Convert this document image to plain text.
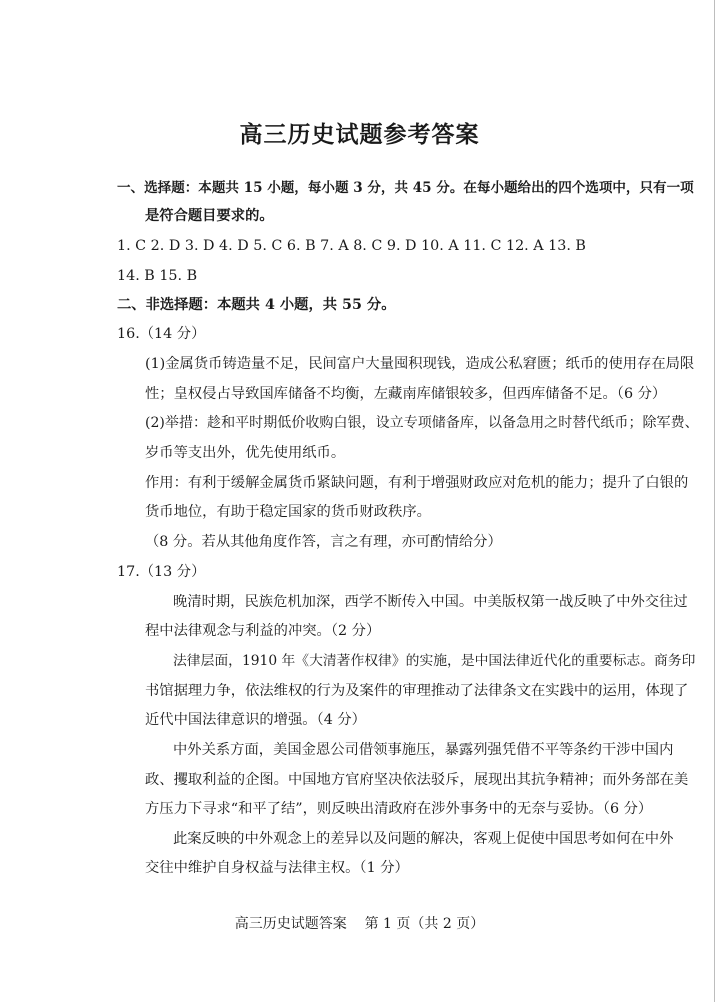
高三历史试题参考答案
一、选择题：本题共 15 小题，每小题 3 分，共 45 分。在每小题给出的四个选项中，只有一项
是符合题目要求的。
1. C 2. D 3. D 4. D 5. C 6. B 7. A 8. C 9. D 10. A 11. C 12. A 13. B
14. B 15. B
二、非选择题：本题共 4 小题，共 55 分。
16.（14 分）
(1)金属货币铸造量不足，民间富户大量囤积现钱，造成公私窘匮；纸币的使用存在局限
性；皇权侵占导致国库储备不均衡，左藏南库储银较多，但西库储备不足。（6 分）
(2)举措：趁和平时期低价收购白银，设立专项储备库，以备急用之时替代纸币；除军费、
岁币等支出外，优先使用纸币。
作用：有利于缓解金属货币紧缺问题，有利于增强财政应对危机的能力；提升了白银的
货币地位，有助于稳定国家的货币财政秩序。
（8 分。若从其他角度作答，言之有理，亦可酌情给分）
17.（13 分）
晚清时期，民族危机加深，西学不断传入中国。中美版权第一战反映了中外交往过
程中法律观念与利益的冲突。（2 分）
法律层面，1910 年《大清著作权律》的实施，是中国法律近代化的重要标志。商务印
书馆据理力争，依法维权的行为及案件的审理推动了法律条文在实践中的运用，体现了
近代中国法律意识的增强。（4 分）
中外关系方面，美国金恩公司借领事施压，暴露列强凭借不平等条约干涉中国内
政、攫取利益的企图。中国地方官府坚决依法驳斥，展现出其抗争精神；而外务部在美
方压力下寻求“和平了结”，则反映出清政府在涉外事务中的无奈与妥协。（6 分）
此案反映的中外观念上的差异以及问题的解决，客观上促使中国思考如何在中外
交往中维护自身权益与法律主权。（1 分）
高三历史试题答案    第 1 页（共 2 页）
